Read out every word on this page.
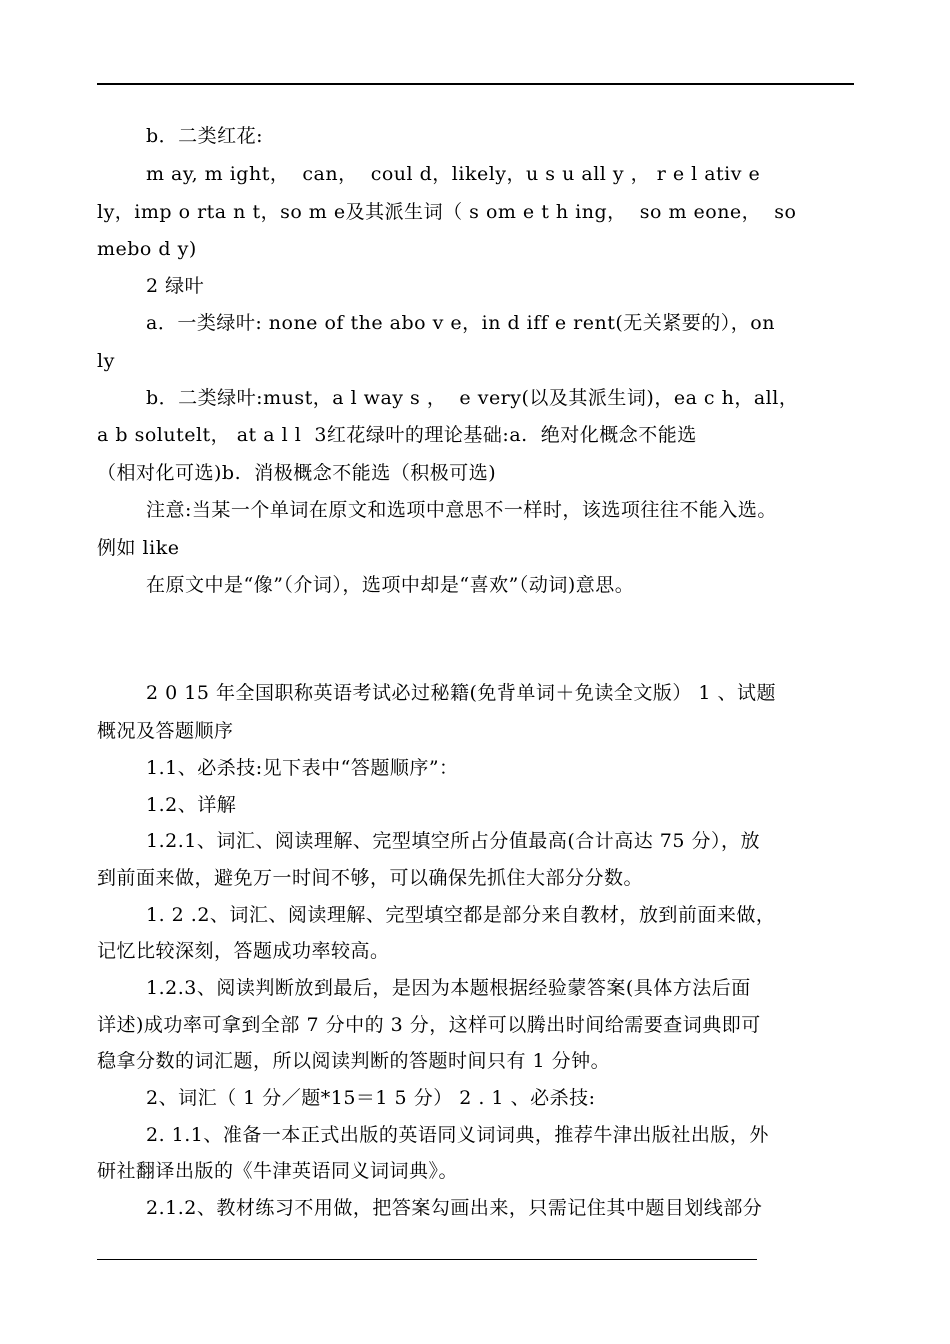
b．二类红花:
m ay, m ight，  can，  coul d，likely，u s u all y ， r e l ativ e
ly，imp o rta n t，so m e及其派生词（ s om e t h ing，  so m eone，  so
mebo d y)
2 绿叶
a．一类绿叶: none of the abo v e，in d iff e rent(无关紧要的），on
ly
b．二类绿叶:must，a l way s ，  e very(以及其派生词)，ea c h，all，
a b solutelt， at a l l  3红花绿叶的理论基础:a.  绝对化概念不能选
（相对化可选)b.  消极概念不能选（积极可选)
注意:当某一个单词在原文和选项中意思不一样时，该选项往往不能入选。
例如 like
在原文中是“像”（介词），选项中却是“喜欢”（动词)意思。
2 0 15 年全国职称英语考试必过秘籍(免背单词＋免读全文版） 1 、试题
概况及答题顺序
1.1、必杀技:见下表中“答题顺序”：
1.2、详解
1.2.1、词汇、阅读理解、完型填空所占分值最高(合计高达 75 分），放
到前面来做，避免万一时间不够，可以确保先抓住大部分分数。
1. 2 .2、词汇、阅读理解、完型填空都是部分来自教材，放到前面来做，
记忆比较深刻，答题成功率较高。
1.2.3、阅读判断放到最后，是因为本题根据经验蒙答案(具体方法后面
详述)成功率可拿到全部 7 分中的 3 分，这样可以腾出时间给需要查词典即可
稳拿分数的词汇题，所以阅读判断的答题时间只有 1 分钟。
2、词汇（ 1 分／题*15＝1 5 分） 2 . 1 、必杀技:
2. 1.1、准备一本正式出版的英语同义词词典，推荐牛津出版社出版，外
研社翻译出版的《牛津英语同义词词典》。
2.1.2、教材练习不用做，把答案勾画出来，只需记住其中题目划线部分
